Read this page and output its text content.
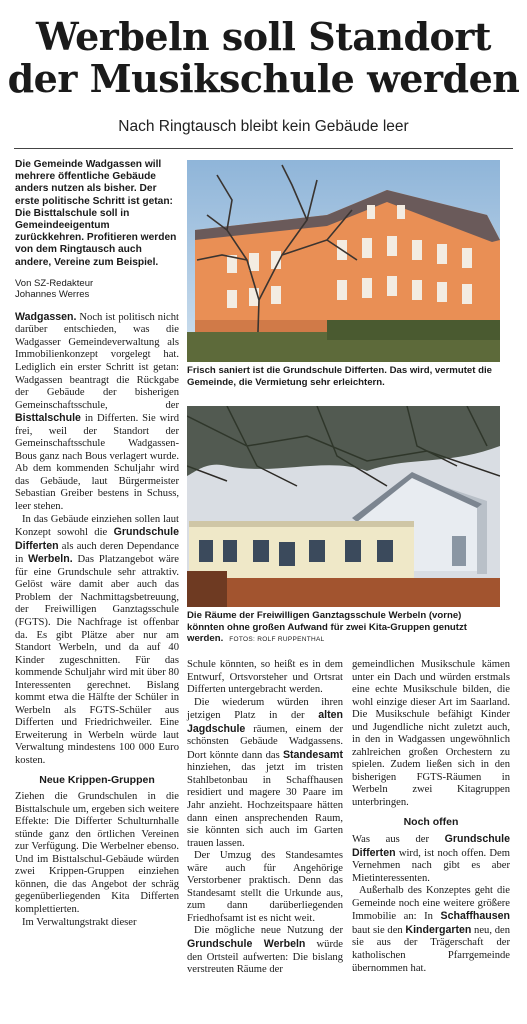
Werbeln soll Standort
der Musikschule werden
Nach Ringtausch bleibt kein Gebäude leer

Die Gemeinde Wadgassen will mehrere öffentliche Gebäude anders nutzen als bisher. Der erste politische Schritt ist getan: Die Bisttalschule soll in Gemeindeeigentum zurückkehren. Profitieren werden von dem Ringtausch auch andere, Vereine zum Beispiel.

Von SZ-Redakteur
Johannes Werres

Wadgassen. Noch ist politisch nicht darüber entschieden, was die Wadgasser Gemeindeverwaltung als Immobilienkonzept vorgelegt hat. Lediglich ein erster Schritt ist getan: Wadgassen beantragt die Rückgabe der Gebäude der bisherigen Gemeinschaftsschule, der Bisttalschule in Differten. Sie wird frei, weil der Standort der Gemeinschaftsschule Wadgassen-Bous ganz nach Bous verlagert wurde. Ab dem kommenden Schuljahr wird das Gebäude, laut Bürgermeister Sebastian Greiber bestens in Schuss, leer stehen.

In das Gebäude einziehen sollen laut Konzept sowohl die Grundschule Differten als auch deren Dependance in Werbeln. Das Platzangebot wäre für eine Grundschule sehr attraktiv. Gelöst wäre damit aber auch das Problem der Nachmittagsbetreuung, der Freiwilligen Ganztagsschule (FGTS). Die Nachfrage ist offenbar da. Es gibt Plätze aber nur am Standort Werbeln, und da auf 40 Kinder zugeschnitten. Für das kommende Schuljahr wird mit über 80 Interessenten gerechnet. Bislang kommt etwa die Hälfte der Schüler in Werbeln als FGTS-Schüler aus Differten und Friedrichweiler. Eine Erweiterung in Werbeln würde laut Verwaltung mindestens 100 000 Euro kosten.

Neue Krippen-Gruppen

Ziehen die Grundschulen in die Bisttalschule um, ergeben sich weitere Effekte: Die Differter Schulturnhalle stünde ganz den örtlichen Vereinen zur Verfügung. Die Werbelner ebenso. Und im Bisttalschul-Gebäude würden zwei Krippen-Gruppen einziehen können, die das Angebot der schräg gegenüberliegenden Kita Differten komplettierten.

Im Verwaltungstrakt dieser

Frisch saniert ist die Grundschule Differten. Das wird, vermutet die Gemeinde, die Vermietung sehr erleichtern.
Die Räume der Freiwilligen Ganztagsschule Werbeln (vorne) könnten ohne großen Aufwand für zwei Kita-Gruppen genutzt werden. FOTOS: ROLF RUPPENTHAL

Schule könnten, so heißt es in dem Entwurf, Ortsvorsteher und Ortsrat Differten untergebracht werden.

Die wiederum würden ihren jetzigen Platz in der alten Jagdschule räumen, einem der schönsten Gebäude Wadgassens. Dort könnte dann das Standesamt hinziehen, das jetzt im tristen Stahlbetonbau in Schaffhausen residiert und magere 30 Paare im Jahr anzieht. Hochzeitspaare hätten dann einen ansprechenden Raum, sie könnten sich auch im Garten trauen lassen.

Der Umzug des Standesamtes wäre auch für Angehörige Verstorbener praktisch. Denn das Standesamt stellt die Urkunde aus, zum dann darüberliegenden Friedhofsamt ist es nicht weit.

Die mögliche neue Nutzung der Grundschule Werbeln würde den Ortsteil aufwerten: Die bislang verstreuten Räume der

gemeindlichen Musikschule kämen unter ein Dach und würden erstmals eine echte Musikschule bilden, die wohl einzige dieser Art im Saarland. Die Musikschule befähigt Kinder und Jugendliche nicht zuletzt auch, in den in Wadgassen ungewöhnlich zahlreichen großen Orchestern zu spielen. Zudem ließen sich in den bisherigen FGTS-Räumen in Werbeln zwei Kitagruppen unterbringen.

Noch offen

Was aus der Grundschule Differten wird, ist noch offen. Dem Vernehmen nach gibt es aber Mietinteressenten.

Außerhalb des Konzeptes geht die Gemeinde noch eine weitere größere Immobilie an: In Schaffhausen baut sie den Kindergarten neu, den sie aus der Trägerschaft der katholischen Pfarrgemeinde übernommen hat.
